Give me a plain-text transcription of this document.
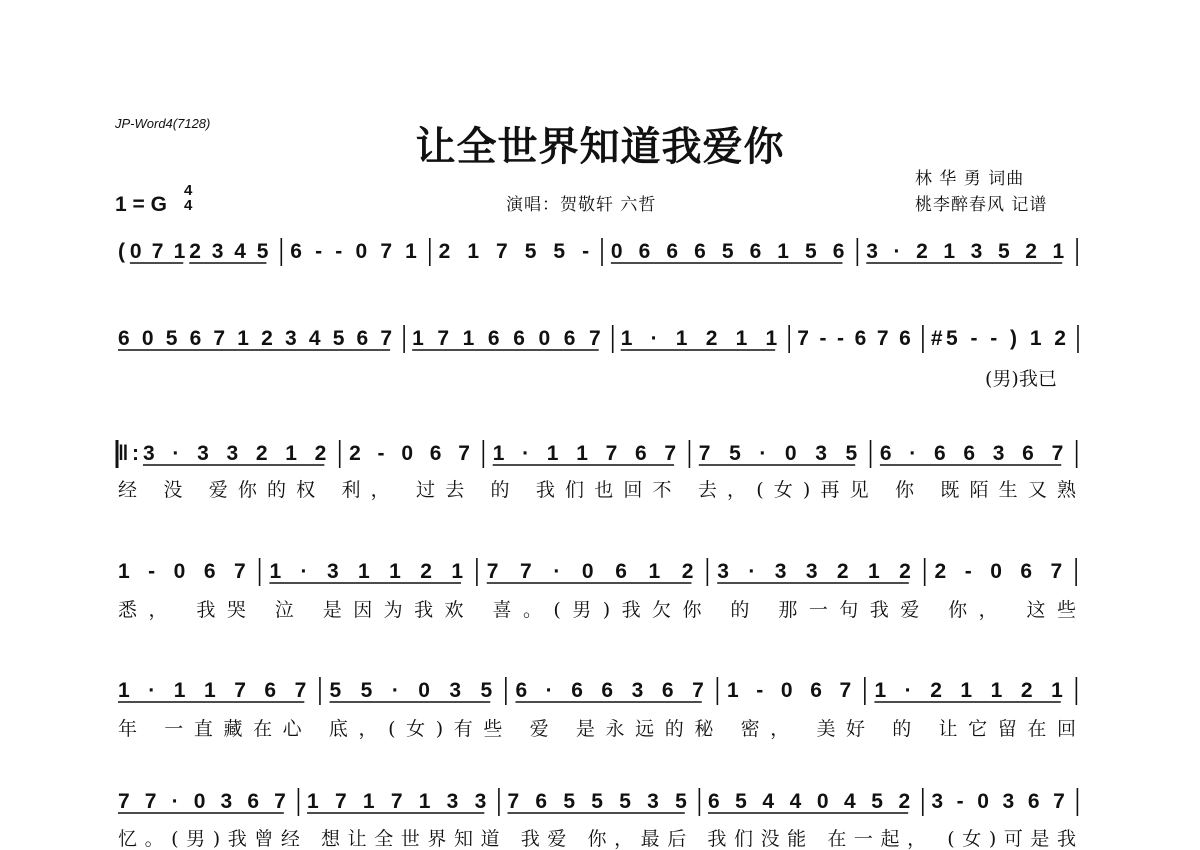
JP-Word4(7128)	让全世界知道我爱你
1 = G
4
4	演唱：贺敬轩 六哲
林 华 勇 词曲
桃李醉春风 记谱
( 0 7 1 2 3 4 5 6 - - 0 7 1 2 1 7 5 5 - 0 6 6 6 5 6 1 5 6 3 · 2 1 3 5 2 1
6 0 5 6 7 1 2 3 4 5 6 7 1 7 1 6 6 0 6 7 1 · 1 2 1 1 7 - - 6 7 6 #5 - - ) 1 2
(男)我已
‖: 3 · 3 3 2 1 2 2 - 0 6 7 1 · 1 1 7 6 7 7 5 · 0 3 5 6 · 6 6 3 6 7
经 没 爱你的权 利， 过去 的 我们也回不 去，(女)再见 你 既陌生又熟
1 - 0 6 7 1 · 3 1 1 2 1 7 7 · 0 6 1 2 3 · 3 3 2 1 2 2 - 0 6 7
悉， 我哭 泣 是因为我欢 喜。(男)我欠你 的 那一句我爱 你， 这些
1 · 1 1 7 6 7 5 5 · 0 3 5 6 · 6 6 3 6 7 1 - 0 6 7 1 · 2 1 1 2 1
年 一直藏在心 底，(女)有些 爱 是永远的秘 密， 美好 的 让它留在回
7 7 · 0 3 6 7 1 7 1 7 1 3 3 7 6 5 5 5 3 5 6 5 4 4 0 4 5 2 3 - 0 3 6 7
忆。(男)我曾经 想让全世界知道 我爱 你，最后 我们没能 在一起， (女)可是我
